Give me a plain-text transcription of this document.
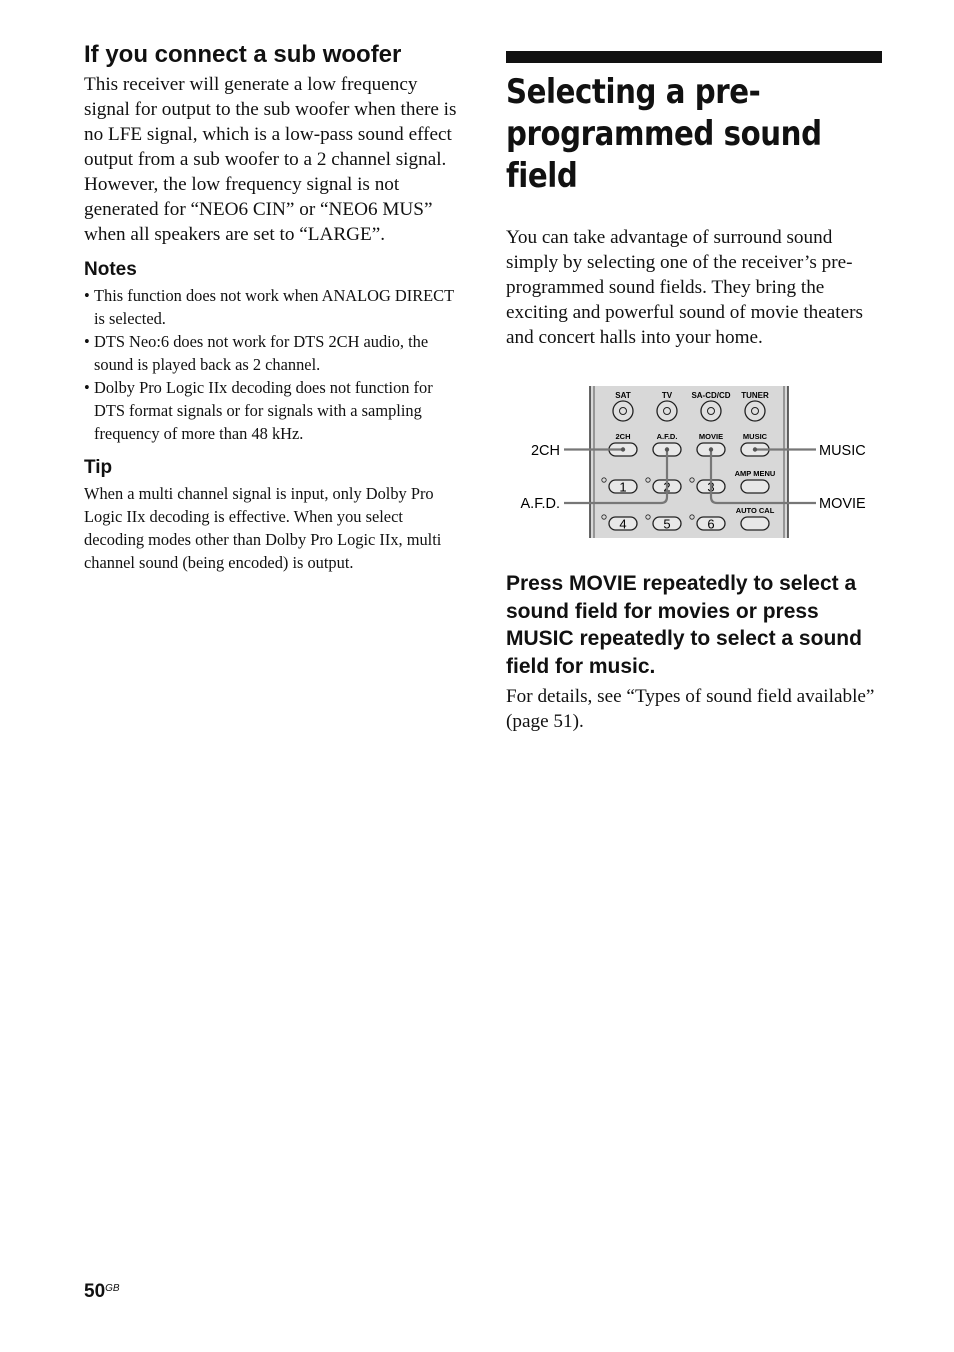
If you connect a sub woofer

This receiver will generate a low frequency signal for output to the sub woofer when there is no LFE signal, which is a low-pass sound effect output from a sub woofer to a 2 channel signal. However, the low frequency signal is not generated for “NEO6 CIN” or “NEO6 MUS” when all speakers are set to “LARGE”.

Notes
• This function does not work when ANALOG DIRECT is selected.
• DTS Neo:6 does not work for DTS 2CH audio, the sound is played back as 2 channel.
• Dolby Pro Logic IIx decoding does not function for DTS format signals or for signals with a sampling frequency of more than 48 kHz.
Tip

When a multi channel signal is input, only Dolby Pro Logic IIx decoding is effective. When you select decoding modes other than Dolby Pro Logic IIx, multi channel sound (being encoded) is output.

Selecting a pre-programmed sound field

You can take advantage of surround sound simply by selecting one of the receiver’s pre-programmed sound fields. They bring the exciting and powerful sound of movie theaters and concert halls into your home.

SAT	TV SA-CD/CD TUNER
2CH	A.F.D.	MOVIE	MUSIC
AMP MENU
1	2	3
AUTO CAL
4	5	6
2CH
A.F.D.
MUSIC
MOVIE

Press MOVIE repeatedly to select a sound field for movies or press MUSIC repeatedly to select a sound field for music.

For details, see “Types of sound field available” (page 51).

$50^{GB}$
